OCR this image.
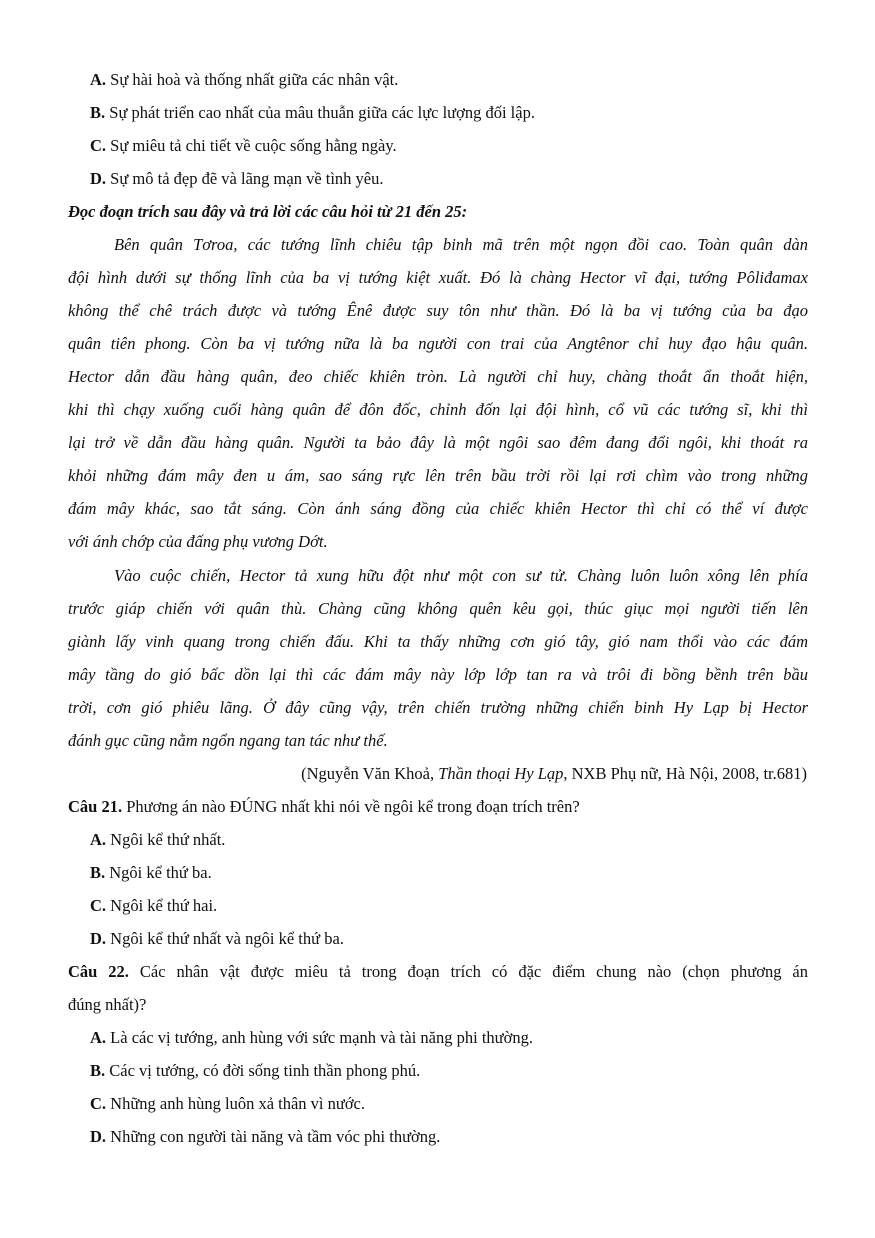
A. Sự hài hoà và thống nhất giữa các nhân vật.
B. Sự phát triển cao nhất của mâu thuẫn giữa các lực lượng đối lập.
C. Sự miêu tả chi tiết về cuộc sống hằng ngày.
D. Sự mô tả đẹp đẽ và lãng mạn về tình yêu.
Đọc đoạn trích sau đây và trả lời các câu hỏi từ 21 đến 25:
Bên quân Tơroa, các tướng lĩnh chiêu tập binh mã trên một ngọn đồi cao. Toàn quân dàn
đội hình dưới sự thống lĩnh của ba vị tướng kiệt xuất. Đó là chàng Hector vĩ đại, tướng Pôliđamax
không thể chê trách được và tướng Ênê được suy tôn như thần. Đó là ba vị tướng của ba đạo
quân tiên phong. Còn ba vị tướng nữa là ba người con trai của Angtênor chỉ huy đạo hậu quân.
Hector dẫn đầu hàng quân, đeo chiếc khiên tròn. Là người chỉ huy, chàng thoắt ẩn thoắt hiện,
khi thì chạy xuống cuối hàng quân để đôn đốc, chỉnh đốn lại đội hình, cổ vũ các tướng sĩ, khi thì
lại trở về dẫn đầu hàng quân. Người ta bảo đây là một ngôi sao đêm đang đổi ngôi, khi thoát ra
khỏi những đám mây đen u ám, sao sáng rực lên trên bầu trời rồi lại rơi chìm vào trong những
đám mây khác, sao tắt sáng. Còn ánh sáng đồng của chiếc khiên Hector thì chỉ có thể ví được
với ánh chớp của đấng phụ vương Dớt.
Vào cuộc chiến, Hector tả xung hữu đột như một con sư tử. Chàng luôn luôn xông lên phía
trước giáp chiến với quân thù. Chàng cũng không quên kêu gọi, thúc giục mọi người tiến lên
giành lấy vinh quang trong chiến đấu. Khi ta thấy những cơn gió tây, gió nam thổi vào các đám
mây tầng do gió bấc dồn lại thì các đám mây này lớp lớp tan ra và trôi đi bồng bềnh trên bầu
trời, cơn gió phiêu lãng. Ở đây cũng vậy, trên chiến trường những chiến binh Hy Lạp bị Hector
đánh gục cũng nằm ngổn ngang tan tác như thế.
(Nguyễn Văn Khoả, Thần thoại Hy Lạp, NXB Phụ nữ, Hà Nội, 2008, tr.681)
Câu 21. Phương án nào ĐÚNG nhất khi nói về ngôi kể trong đoạn trích trên?
A. Ngôi kể thứ nhất.
B. Ngôi kể thứ ba.
C. Ngôi kể thứ hai.
D. Ngôi kể thứ nhất và ngôi kể thứ ba.
Câu 22. Các nhân vật được miêu tả trong đoạn trích có đặc điểm chung nào (chọn phương án
đúng nhất)?
A. Là các vị tướng, anh hùng với sức mạnh và tài năng phi thường.
B. Các vị tướng, có đời sống tinh thần phong phú.
C. Những anh hùng luôn xả thân vì nước.
D. Những con người tài năng và tầm vóc phi thường.
